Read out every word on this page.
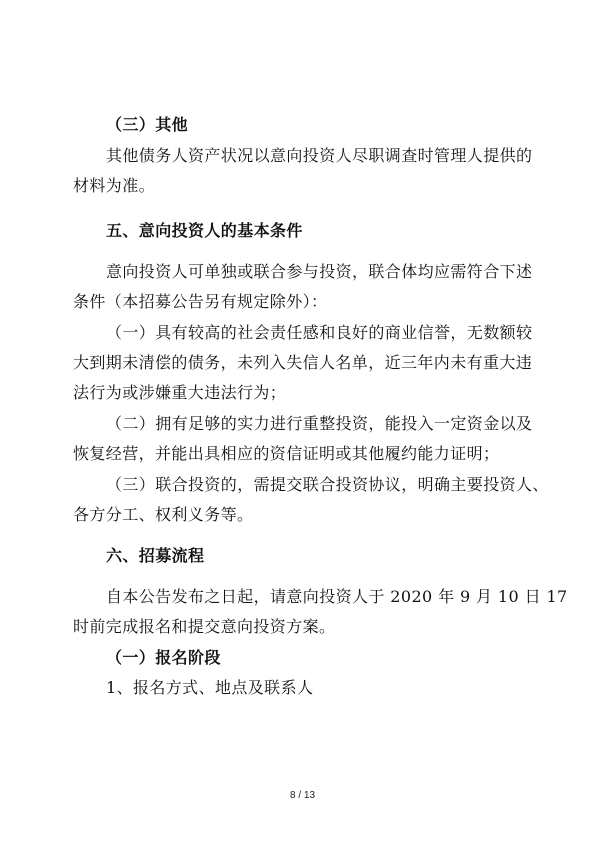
（三）其他
其他债务人资产状况以意向投资人尽职调查时管理人提供的
材料为准。
五、意向投资人的基本条件
意向投资人可单独或联合参与投资，联合体均应需符合下述
条件（本招募公告另有规定除外）：
（一）具有较高的社会责任感和良好的商业信誉，无数额较
大到期未清偿的债务，未列入失信人名单，近三年内未有重大违
法行为或涉嫌重大违法行为；
（二）拥有足够的实力进行重整投资，能投入一定资金以及
恢复经营，并能出具相应的资信证明或其他履约能力证明；
（三）联合投资的，需提交联合投资协议，明确主要投资人、
各方分工、权利义务等。
六、招募流程
自本公告发布之日起，请意向投资人于 2020 年 9 月 10 日 17
时前完成报名和提交意向投资方案。
（一）报名阶段
1、报名方式、地点及联系人
8 / 13
